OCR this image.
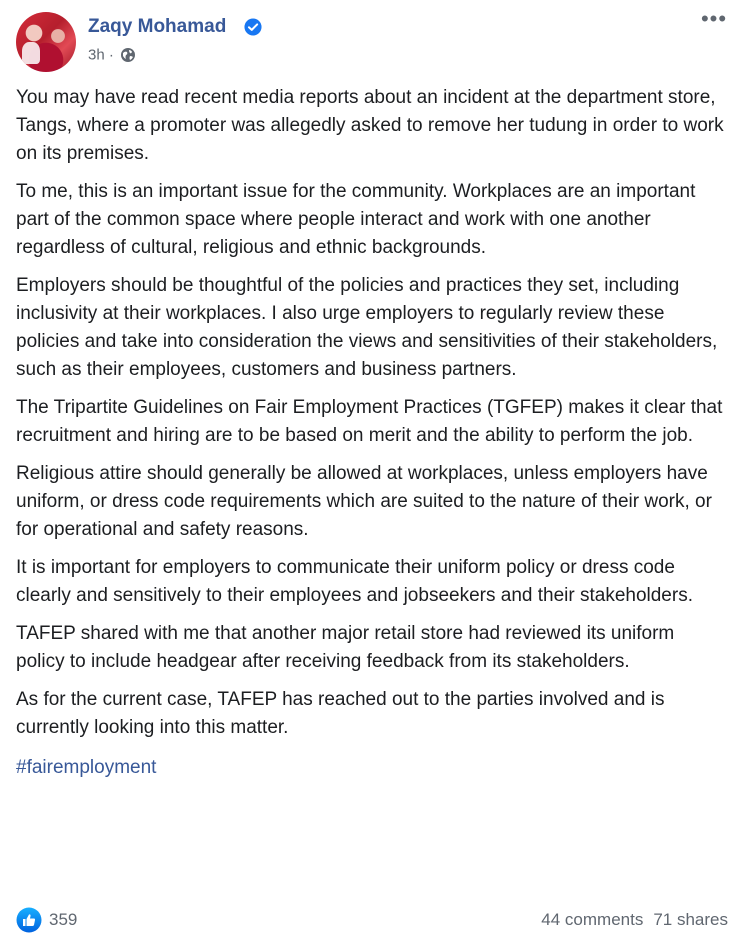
Zaqy Mohamad
3h ·
•••

You may have read recent media reports about an incident at the department store, Tangs, where a promoter was allegedly asked to remove her tudung in order to work on its premises.

To me, this is an important issue for the community. Workplaces are an important part of the common space where people interact and work with one another regardless of cultural, religious and ethnic backgrounds.

Employers should be thoughtful of the policies and practices they set, including inclusivity at their workplaces. I also urge employers to regularly review these policies and take into consideration the views and sensitivities of their stakeholders, such as their employees, customers and business partners.

The Tripartite Guidelines on Fair Employment Practices (TGFEP) makes it clear that recruitment and hiring are to be based on merit and the ability to perform the job.

Religious attire should generally be allowed at workplaces, unless employers have uniform, or dress code requirements which are suited to the nature of their work, or for operational and safety reasons.

It is important for employers to communicate their uniform policy or dress code clearly and sensitively to their employees and jobseekers and their stakeholders.

TAFEP shared with me that another major retail store had reviewed its uniform policy to include headgear after receiving feedback from its stakeholders.

As for the current case, TAFEP has reached out to the parties involved and is currently looking into this matter.

#fairemployment
359	44 comments 71 shares
